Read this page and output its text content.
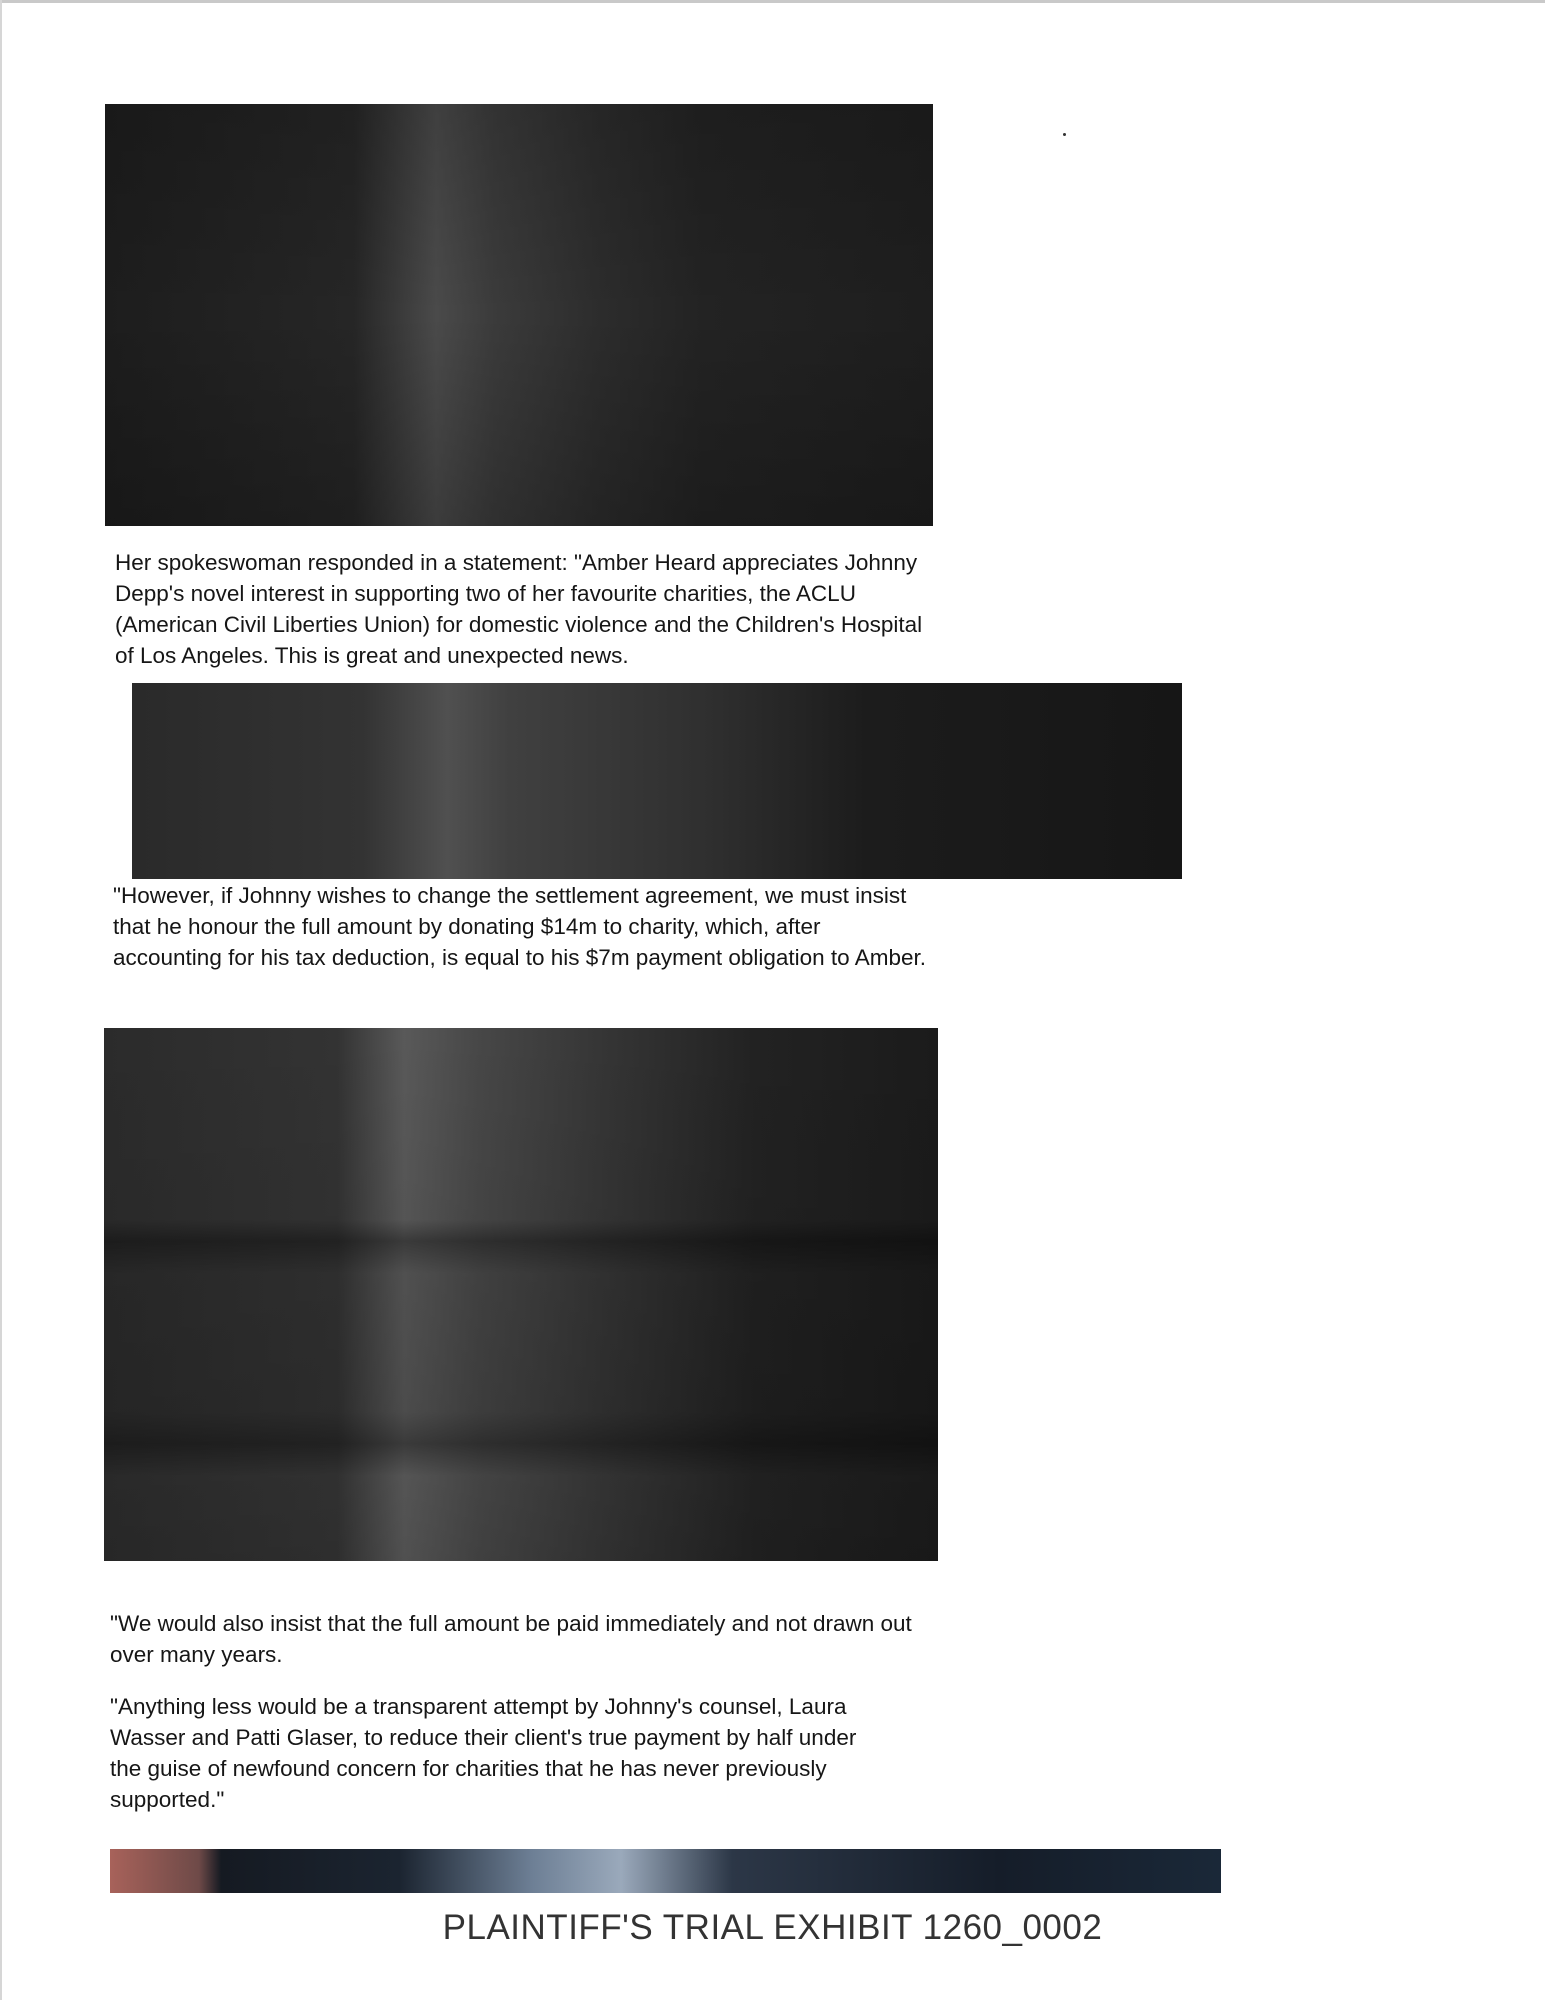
Her spokeswoman responded in a statement: "Amber Heard appreciates Johnny Depp's novel interest in supporting two of her favourite charities, the ACLU (American Civil Liberties Union) for domestic violence and the Children's Hospital of Los Angeles. This is great and unexpected news.

"However, if Johnny wishes to change the settlement agreement, we must insist that he honour the full amount by donating $14m to charity, which, after accounting for his tax deduction, is equal to his $7m payment obligation to Amber.

"We would also insist that the full amount be paid immediately and not drawn out over many years.

"Anything less would be a transparent attempt by Johnny's counsel, Laura Wasser and Patti Glaser, to reduce their client's true payment by half under the guise of newfound concern for charities that he has never previously supported."

PLAINTIFF'S TRIAL EXHIBIT 1260_0002
